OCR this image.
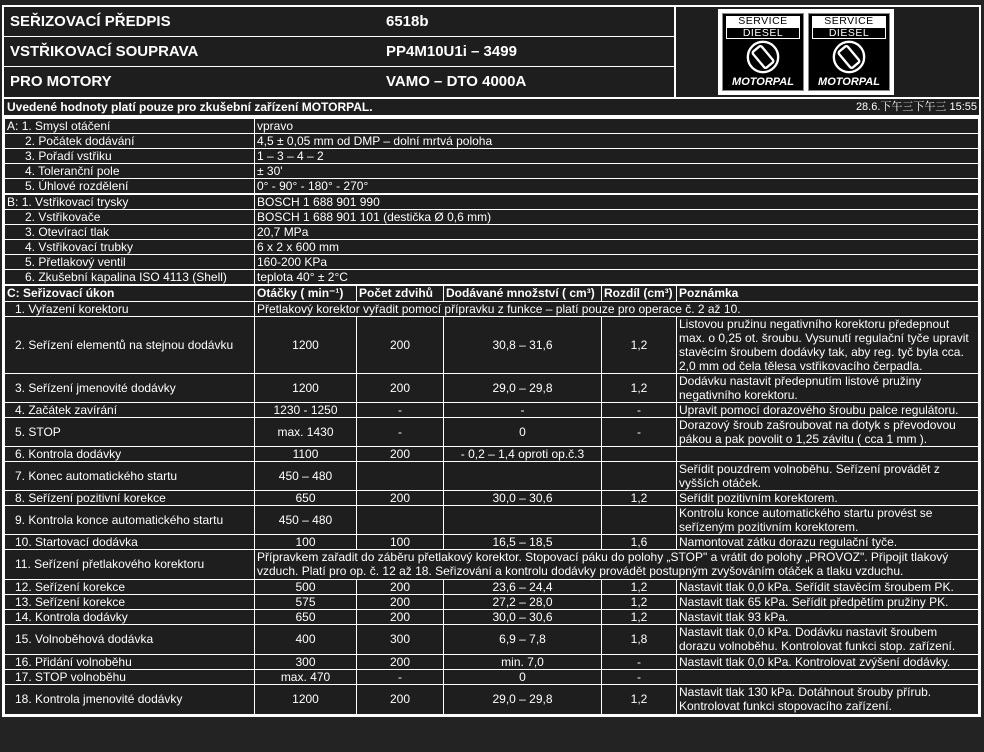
SEŘIZOVACÍ PŘEDPIS	6518b
VSTŘIKOVACÍ SOUPRAVA	PP4M10U1i – 3499
PRO MOTORY	VAMO – DTO 4000A
SERVICE
DIESEL
MOTORPAL
SERVICE
DIESEL
MOTORPAL
Uvedené hodnoty platí pouze pro zkušební zařízení MOTORPAL.	28.6.下午三下午三 15:55
A: 1. Smysl otáčení	vpravo				
2. Počátek dodávání	4,5 ± 0,05 mm od DMP – dolní mrtvá poloha				
3. Pořadí vstřiku	1 – 3 – 4 – 2				
4. Toleranční pole	± 30'				
5. Úhlové rozdělení	0° - 90° - 180° - 270°				
B: 1. Vstřikovací trysky	BOSCH 1 688 901 990				
2. Vstřikovače	BOSCH 1 688 901 101 (destička Ø 0,6 mm)				
3. Otevírací tlak	20,7 MPa				
4. Vstřikovací trubky	6 x 2 x 600 mm				
5. Přetlakový ventil	160-200 KPa				
6. Zkušební kapalina ISO 4113 (Shell)	teplota 40° ± 2°C				
C: Seřizovací úkon	Otáčky ( min⁻¹)	Počet zdvihů	Dodávané množství ( cm³)	Rozdíl (cm³)	Poznámka
1. Vyřazení korektoru	Přetlakový korektor vyřadit pomocí přípravku z funkce – platí pouze pro operace č. 2 až 10.				
2. Seřízení elementů na stejnou dodávku	1200	200	30,8 – 31,6	1,2	Listovou pružinu negativního korektoru předepnout max. o 0,25 ot. šroubu. Vysunutí regulační tyče upravit stavěcím šroubem dodávky tak, aby reg. tyč byla cca. 2,0 mm od čela tělesa vstřikovacího čerpadla.
3. Seřízení jmenovité dodávky	1200	200	29,0 – 29,8	1,2	Dodávku nastavit předepnutím listové pružiny negativního korektoru.
4. Začátek zavírání	1230 - 1250	-	-	-	Upravit pomocí dorazového šroubu palce regulátoru.
5. STOP	max. 1430	-	0	-	Dorazový šroub zašroubovat na dotyk s převodovou pákou a pak povolit o 1,25 závitu ( cca 1 mm ).
6. Kontrola dodávky	1100	200	- 0,2 – 1,4 oproti op.č.3		
7. Konec automatického startu	450 – 480				Seřídit pouzdrem volnoběhu. Seřízení provádět z vyšších otáček.
8. Seřízení pozitivní korekce	650	200	30,0 – 30,6	1,2	Seřídit pozitivním korektorem.
9. Kontrola konce automatického startu	450 – 480				Kontrolu konce automatického startu provést se seřízeným pozitivním korektorem.
10. Startovací dodávka	100	100	16,5 – 18,5	1,6	Namontovat zátku dorazu regulační tyče.
11. Seřízení přetlakového korektoru	Přípravkem zařadit do záběru přetlakový korektor. Stopovací páku do polohy „STOP" a vrátit do polohy „PROVOZ". Připojit tlakový vzduch. Platí pro op. č. 12 až 18. Seřizování a kontrolu dodávky provádět postupným zvyšováním otáček a tlaku vzduchu.				
12. Seřízení korekce	500	200	23,6 – 24,4	1,2	Nastavit tlak 0,0 kPa. Seřídit stavěcím šroubem PK.
13. Seřízení korekce	575	200	27,2 – 28,0	1,2	Nastavit tlak 65 kPa. Seřídit předpětím pružiny PK.
14. Kontrola dodávky	650	200	30,0 – 30,6	1,2	Nastavit tlak 93 kPa.
15. Volnoběhová dodávka	400	300	6,9 – 7,8	1,8	Nastavit tlak 0,0 kPa. Dodávku nastavit šroubem dorazu volnoběhu. Kontrolovat funkci stop. zařízení.
16. Přidání volnoběhu	300	200	min. 7,0	-	Nastavit tlak 0,0 kPa. Kontrolovat zvýšení dodávky.
17. STOP volnoběhu	max. 470	-	0	-	
18. Kontrola jmenovité dodávky	1200	200	29,0 – 29,8	1,2	Nastavit tlak 130 kPa. Dotáhnout šrouby přírub. Kontrolovat funkci stopovacího zařízení.
